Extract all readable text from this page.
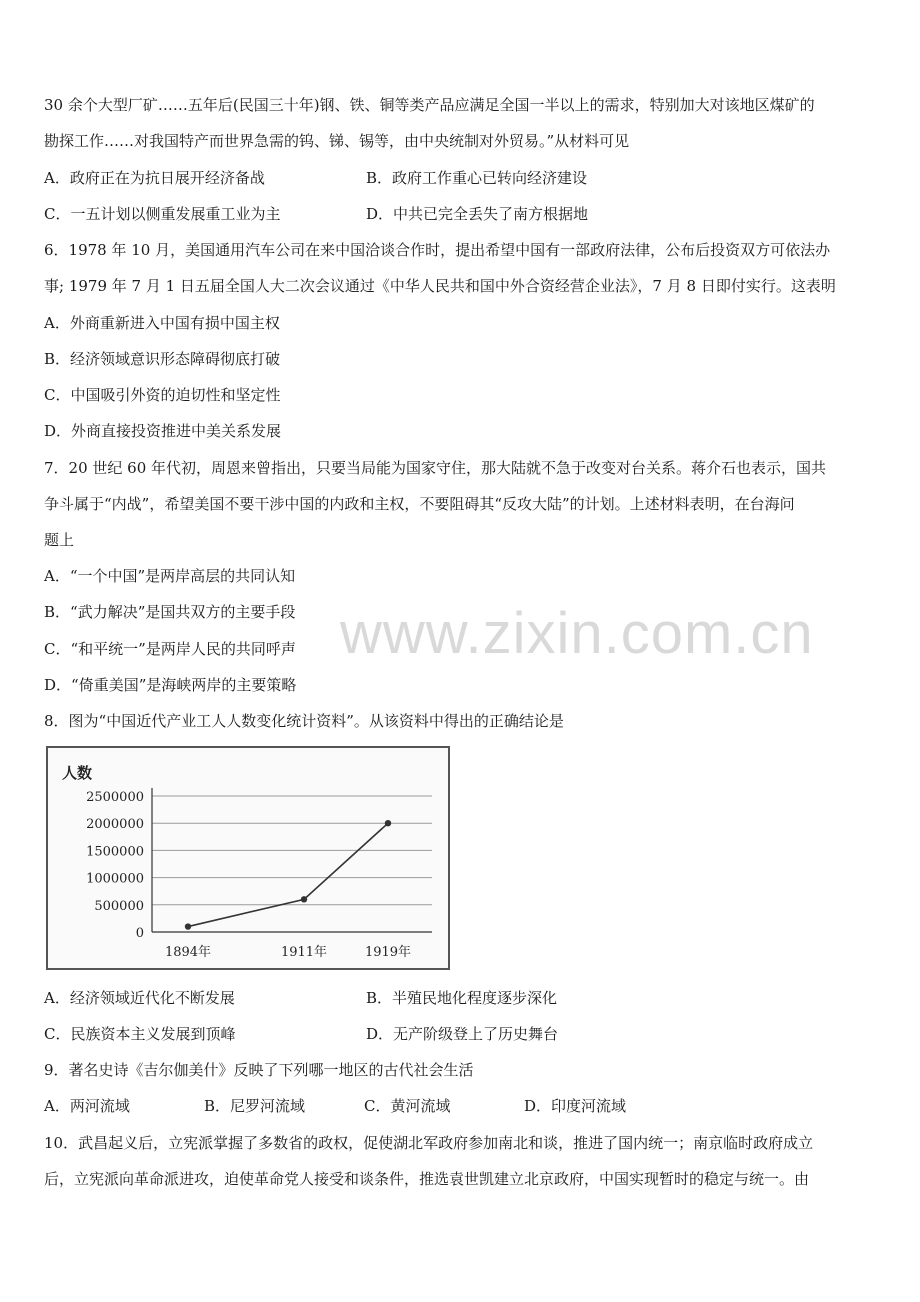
www.zixin.com.cn
30 余个大型厂矿……五年后(民国三十年)钢、铁、铜等类产品应满足全国一半以上的需求，特别加大对该地区煤矿的
勘探工作……对我国特产而世界急需的钨、锑、锡等，由中央统制对外贸易。”从材料可见
A．政府正在为抗日展开经济备战	B．政府工作重心已转向经济建设
C．一五计划以侧重发展重工业为主	D．中共已完全丢失了南方根据地
6．1978 年 10 月，美国通用汽车公司在来中国洽谈合作时，提出希望中国有一部政府法律，公布后投资双方可依法办
事; 1979 年 7 月 1 日五届全国人大二次会议通过《中华人民共和国中外合资经营企业法》，7 月 8 日即付实行。这表明
A．外商重新进入中国有损中国主权
B．经济领域意识形态障碍彻底打破
C．中国吸引外资的迫切性和坚定性
D．外商直接投资推进中美关系发展
7．20 世纪 60 年代初，周恩来曾指出，只要当局能为国家守住，那大陆就不急于改变对台关系。蒋介石也表示，国共
争斗属于“内战”，希望美国不要干涉中国的内政和主权，不要阻碍其“反攻大陆”的计划。上述材料表明，在台海问
题上
A．“一个中国”是两岸高层的共同认知
B．“武力解决”是国共双方的主要手段
C．“和平统一”是两岸人民的共同呼声
D．“倚重美国”是海峡两岸的主要策略
8．图为“中国近代产业工人人数变化统计资料”。从该资料中得出的正确结论是
人数
0
500000
1000000
1500000
2000000
2500000
1894年	1911年	1919年
A．经济领域近代化不断发展	B．半殖民地化程度逐步深化
C．民族资本主义发展到顶峰	D．无产阶级登上了历史舞台
9．著名史诗《吉尔伽美什》反映了下列哪一地区的古代社会生活
A．两河流域	B．尼罗河流域	C．黄河流域	D．印度河流域
10．武昌起义后，立宪派掌握了多数省的政权，促使湖北军政府参加南北和谈，推进了国内统一；南京临时政府成立
后，立宪派向革命派进攻，迫使革命党人接受和谈条件，推选袁世凯建立北京政府，中国实现暂时的稳定与统一。由
